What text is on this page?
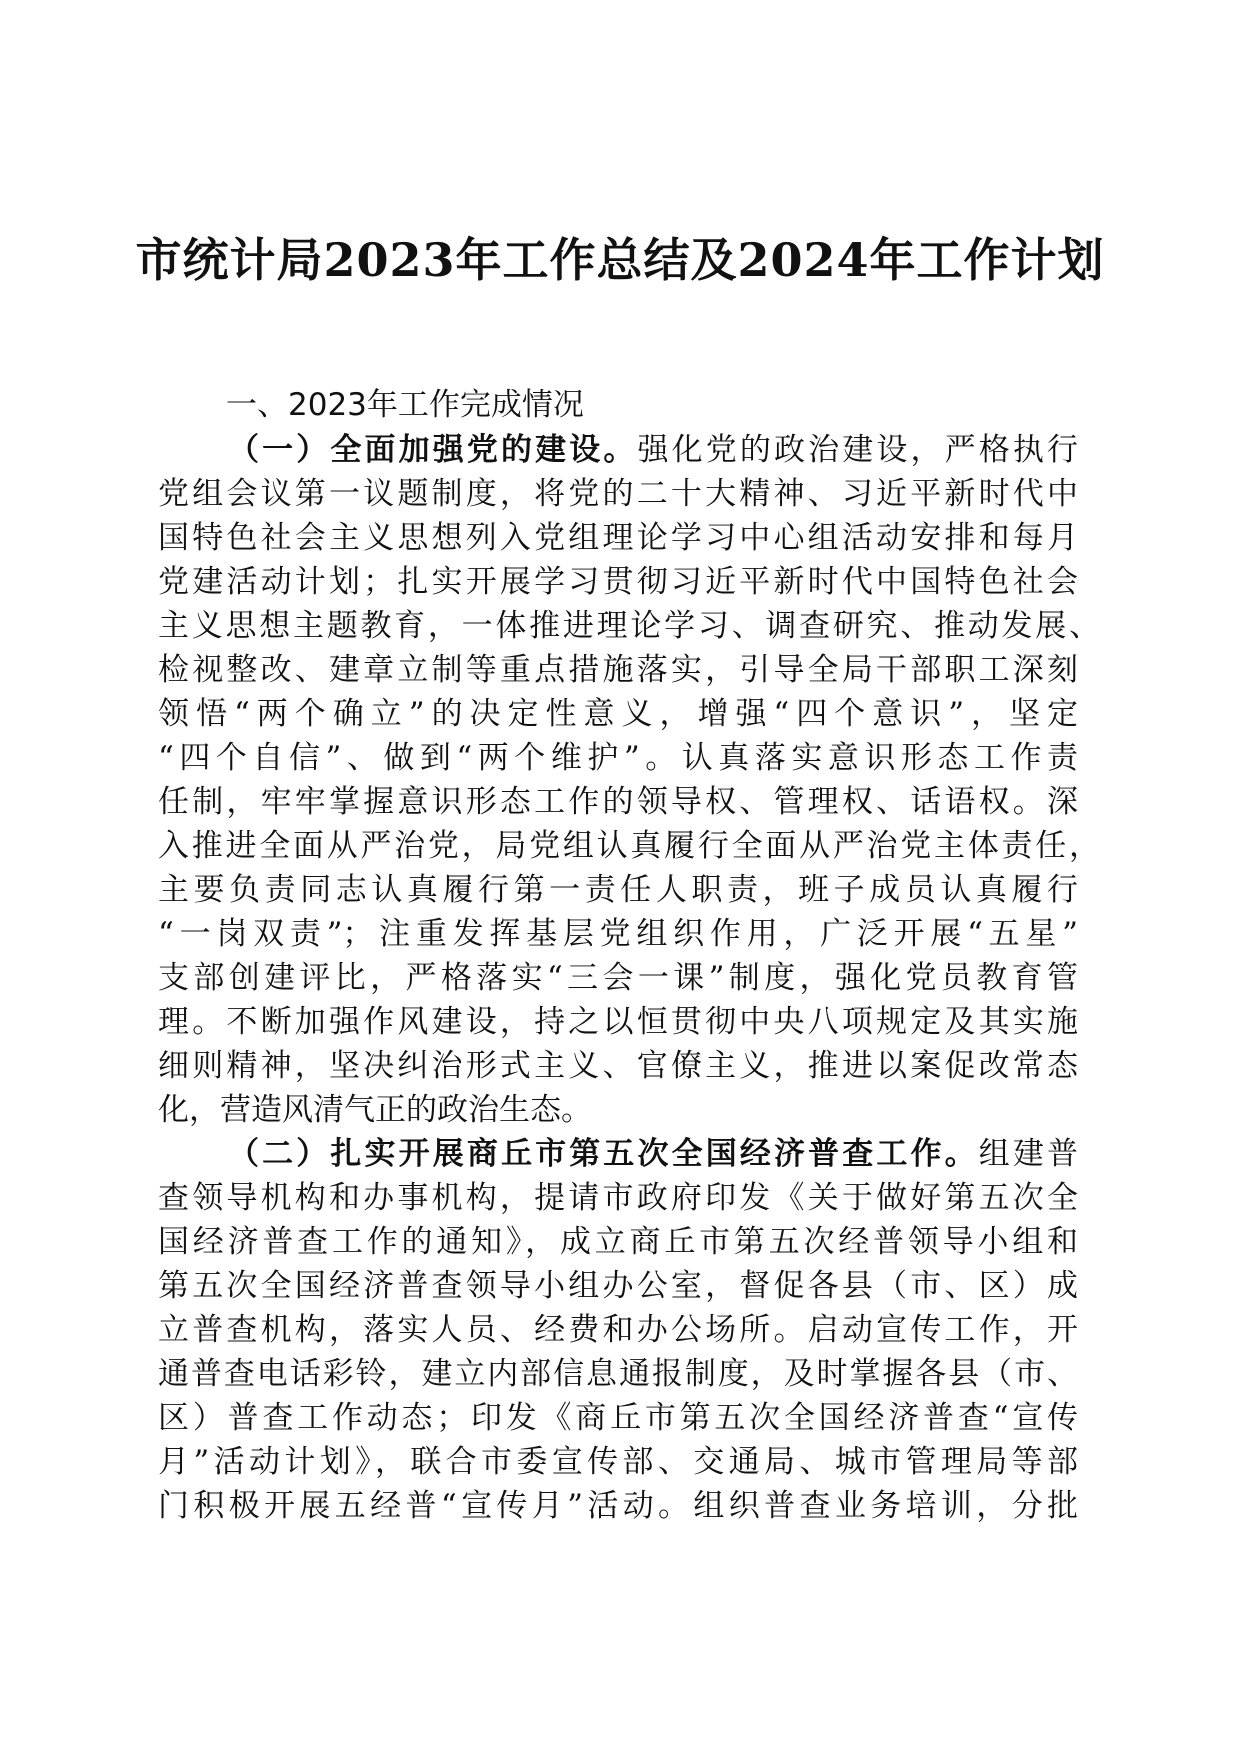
市统计局2023年工作总结及2024年工作计划
一、2023年工作完成情况
（一）全面加强党的建设。强化党的政治建设，严格执行
党组会议第一议题制度，将党的二十大精神、习近平新时代中
国特色社会主义思想列入党组理论学习中心组活动安排和每月
党建活动计划；扎实开展学习贯彻习近平新时代中国特色社会
主义思想主题教育，一体推进理论学习、调查研究、推动发展、
检视整改、建章立制等重点措施落实，引导全局干部职工深刻
领悟“两个确立”的决定性意义，增强“四个意识”，坚定
“四个自信”、做到“两个维护”。认真落实意识形态工作责
任制，牢牢掌握意识形态工作的领导权、管理权、话语权。深
入推进全面从严治党，局党组认真履行全面从严治党主体责任，
主要负责同志认真履行第一责任人职责，班子成员认真履行
“一岗双责”；注重发挥基层党组织作用，广泛开展“五星”
支部创建评比，严格落实“三会一课”制度，强化党员教育管
理。不断加强作风建设，持之以恒贯彻中央八项规定及其实施
细则精神，坚决纠治形式主义、官僚主义，推进以案促改常态
化，营造风清气正的政治生态。
（二）扎实开展商丘市第五次全国经济普查工作。组建普
查领导机构和办事机构，提请市政府印发《关于做好第五次全
国经济普查工作的通知》，成立商丘市第五次经普领导小组和
第五次全国经济普查领导小组办公室，督促各县（市、区）成
立普查机构，落实人员、经费和办公场所。启动宣传工作，开
通普查电话彩铃，建立内部信息通报制度，及时掌握各县（市、
区）普查工作动态；印发《商丘市第五次全国经济普查“宣传
月”活动计划》，联合市委宣传部、交通局、城市管理局等部
门积极开展五经普“宣传月”活动。组织普查业务培训，分批
